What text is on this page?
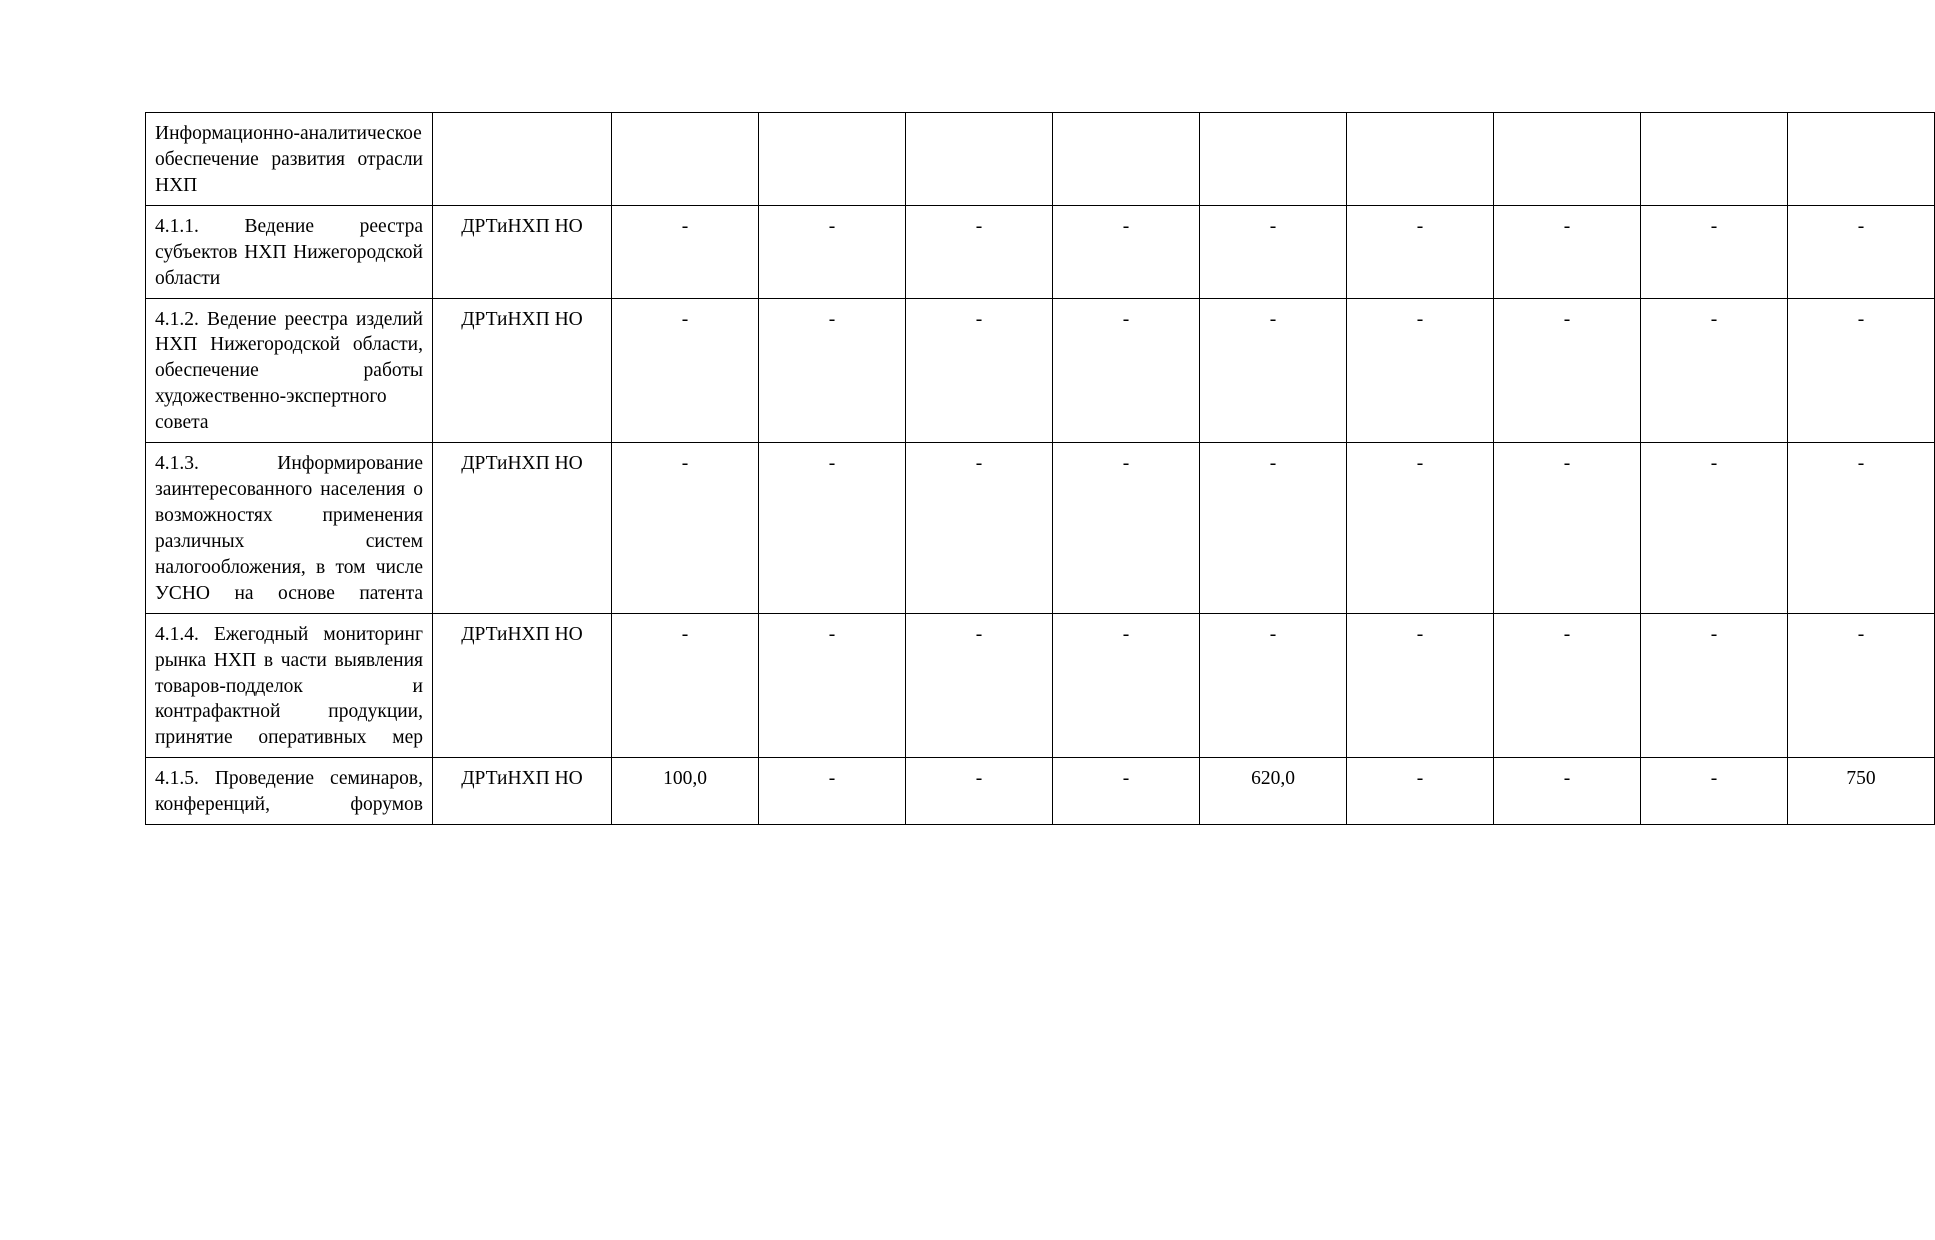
Информационно-аналитическое обеспечение развития отрасли НХП										
4.1.1. Ведение реестра субъектов НХП Нижегородской области	ДРТиНХП НО	-	-	-	-	-	-	-	-	-
4.1.2. Ведение реестра изделий НХП Нижегородской области, обеспечение работы художественно-экспертного совета	ДРТиНХП НО	-	-	-	-	-	-	-	-	-
4.1.3. Информирование заинтересованного населения о возможностях применения различных систем налогообложения, в том числе УСНО на основе патента	ДРТиНХП НО	-	-	-	-	-	-	-	-	-
4.1.4. Ежегодный мониторинг рынка НХП в части выявления товаров-подделок и контрафактной продукции, принятие оперативных мер	ДРТиНХП НО	-	-	-	-	-	-	-	-	-
4.1.5. Проведение семинаров, конференций, форумов	ДРТиНХП НО	100,0	-	-	-	620,0	-	-	-	750
